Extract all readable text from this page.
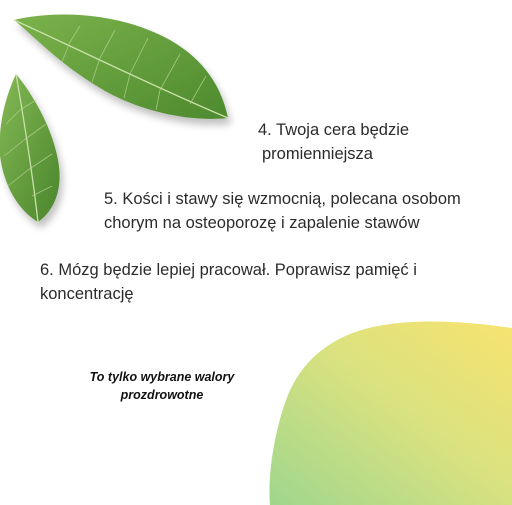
4. Twoja cera będzie
promienniejsza
5. Kości i stawy się wzmocnią, polecana osobom
chorym na osteoporozę i zapalenie stawów
6. Mózg będzie lepiej pracował. Poprawisz pamięć i
koncentrację
To tylko wybrane walory
prozdrowotne
